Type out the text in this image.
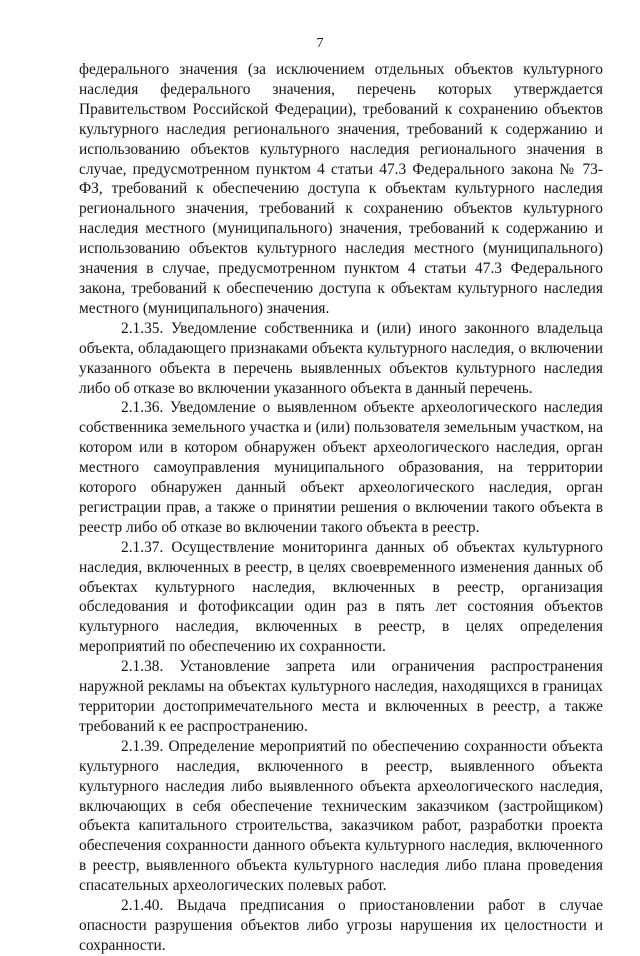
7

федерального значения (за исключением отдельных объектов культурного наследия федерального значения, перечень которых утверждается Правительством Российской Федерации), требований к сохранению объектов культурного наследия регионального значения, требований к содержанию и использованию объектов культурного наследия регионального значения в случае, предусмотренном пунктом 4 статьи 47.3 Федерального закона № 73-ФЗ, требований к обеспечению доступа к объектам культурного наследия регионального значения, требований к сохранению объектов культурного наследия местного (муниципального) значения, требований к содержанию и использованию объектов культурного наследия местного (муниципального) значения в случае, предусмотренном пунктом 4 статьи 47.3 Федерального закона, требований к обеспечению доступа к объектам культурного наследия местного (муниципального) значения.

2.1.35. Уведомление собственника и (или) иного законного владельца объекта, обладающего признаками объекта культурного наследия, о включении указанного объекта в перечень выявленных объектов культурного наследия либо об отказе во включении указанного объекта в данный перечень.

2.1.36. Уведомление о выявленном объекте археологического наследия собственника земельного участка и (или) пользователя земельным участком, на котором или в котором обнаружен объект археологического наследия, орган местного самоуправления муниципального образования, на территории которого обнаружен данный объект археологического наследия, орган регистрации прав, а также о принятии решения о включении такого объекта в реестр либо об отказе во включении такого объекта в реестр.

2.1.37. Осуществление мониторинга данных об объектах культурного наследия, включенных в реестр, в целях своевременного изменения данных об объектах культурного наследия, включенных в реестр, организация обследования и фотофиксации один раз в пять лет состояния объектов культурного наследия, включенных в реестр, в целях определения мероприятий по обеспечению их сохранности.

2.1.38. Установление запрета или ограничения распространения наружной рекламы на объектах культурного наследия, находящихся в границах территории достопримечательного места и включенных в реестр, а также требований к ее распространению.

2.1.39. Определение мероприятий по обеспечению сохранности объекта культурного наследия, включенного в реестр, выявленного объекта культурного наследия либо выявленного объекта археологического наследия, включающих в себя обеспечение техническим заказчиком (застройщиком) объекта капитального строительства, заказчиком работ, разработки проекта обеспечения сохранности данного объекта культурного наследия, включенного в реестр, выявленного объекта культурного наследия либо плана проведения спасательных археологических полевых работ.

2.1.40. Выдача предписания о приостановлении работ в случае опасности разрушения объектов либо угрозы нарушения их целостности и сохранности.
